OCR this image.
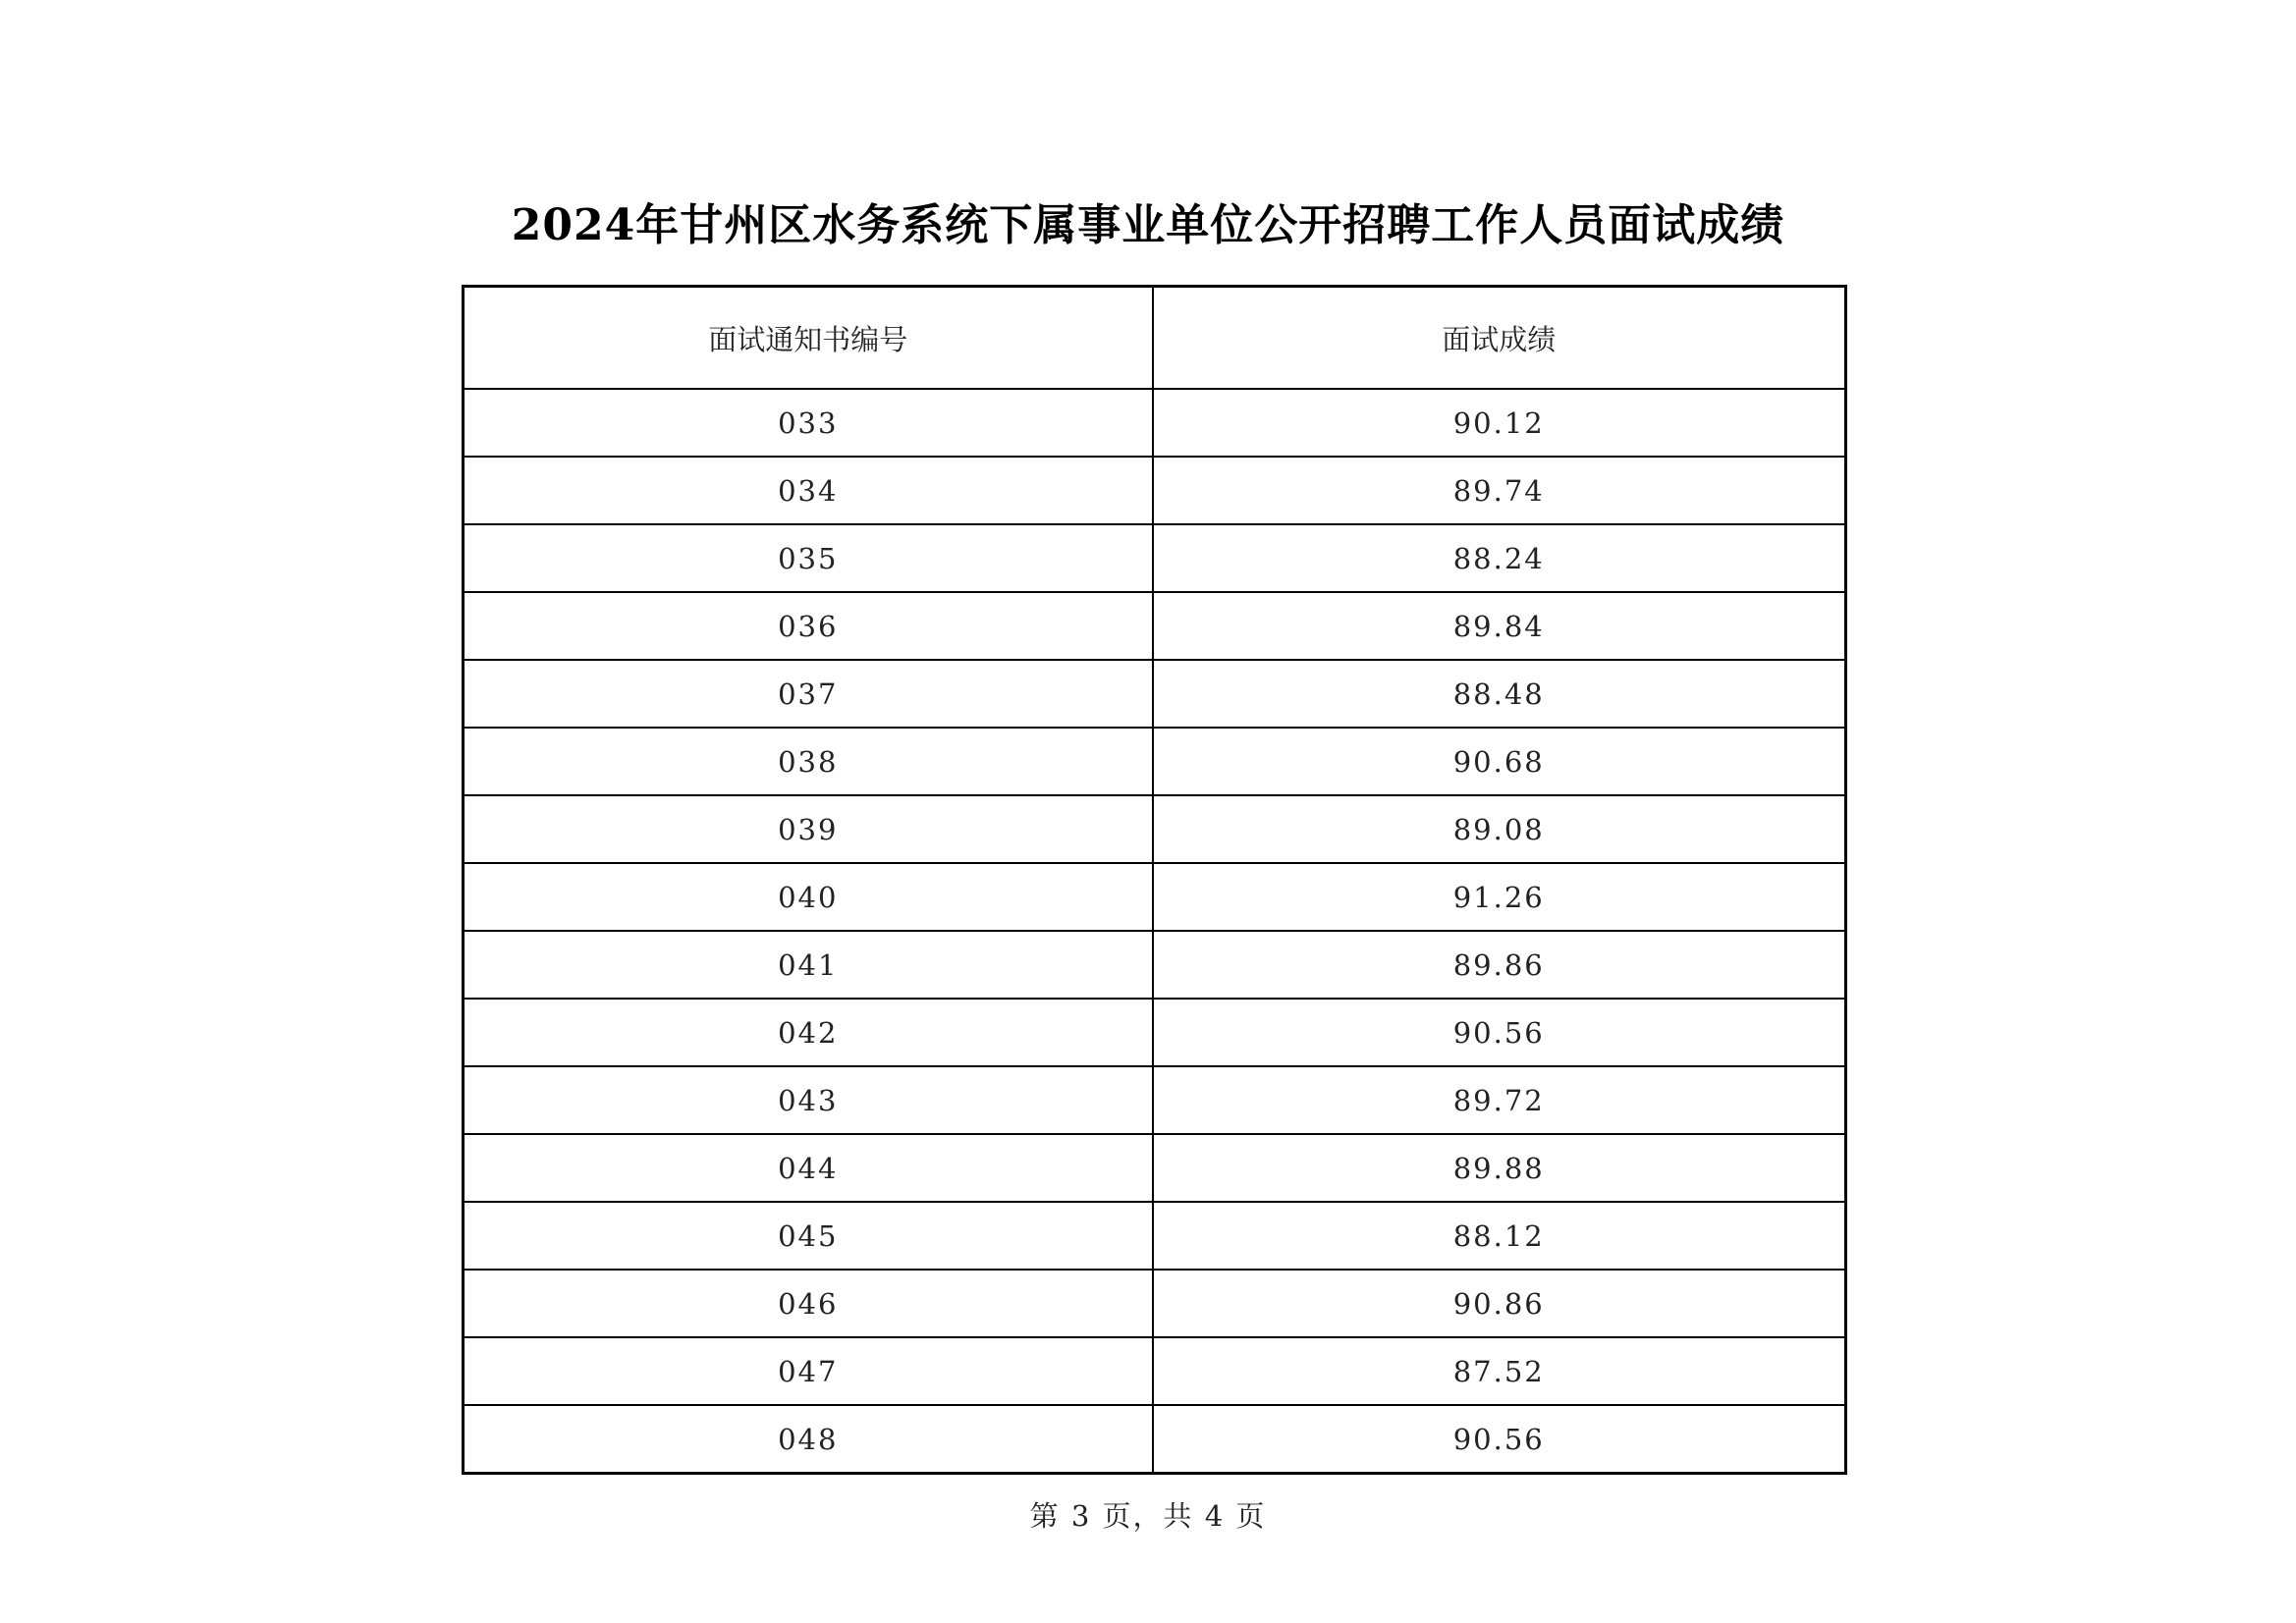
2024年甘州区水务系统下属事业单位公开招聘工作人员面试成绩
面试通知书编号	面试成绩
033	90.12
034	89.74
035	88.24
036	89.84
037	88.48
038	90.68
039	89.08
040	91.26
041	89.86
042	90.56
043	89.72
044	89.88
045	88.12
046	90.86
047	87.52
048	90.56
第 3 页，共 4 页
